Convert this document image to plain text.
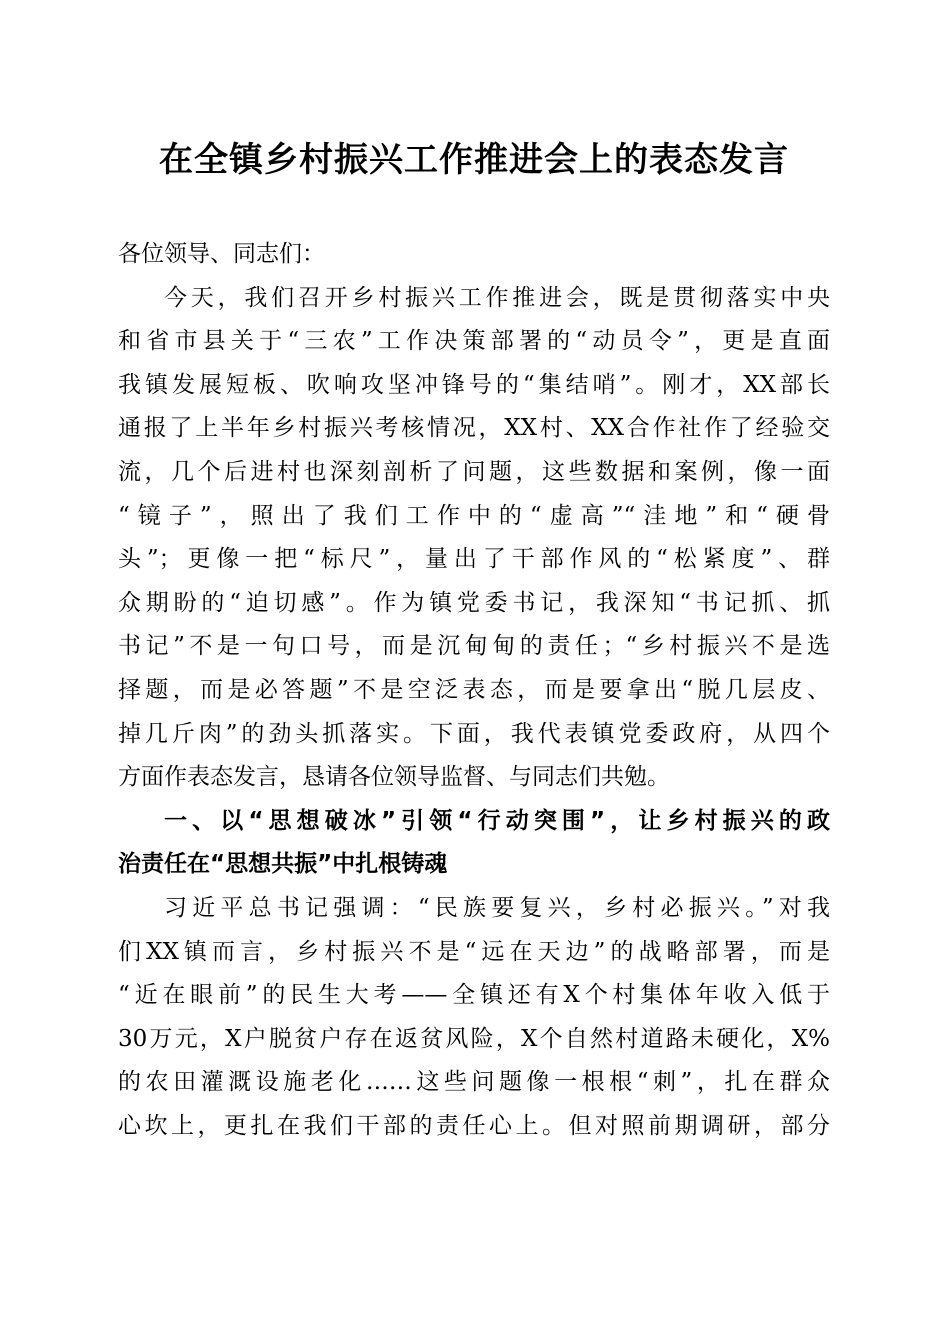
在全镇乡村振兴工作推进会上的表态发言
各位领导、同志们：
今天，我们召开乡村振兴工作推进会，既是贯彻落实中央
和省市县关于“三农”工作决策部署的“动员令”，更是直面
我镇发展短板、吹响攻坚冲锋号的“集结哨”。刚才，XX部长
通报了上半年乡村振兴考核情况，XX村、XX合作社作了经验交
流，几个后进村也深刻剖析了问题，这些数据和案例，像一面
“镜子”，照出了我们工作中的“虚高”“洼地”和“硬骨
头”；更像一把“标尺”，量出了干部作风的“松紧度”、群
众期盼的“迫切感”。作为镇党委书记，我深知“书记抓、抓
书记”不是一句口号，而是沉甸甸的责任；“乡村振兴不是选
择题，而是必答题”不是空泛表态，而是要拿出“脱几层皮、
掉几斤肉”的劲头抓落实。下面，我代表镇党委政府，从四个
方面作表态发言，恳请各位领导监督、与同志们共勉。
一、以“思想破冰”引领“行动突围”，让乡村振兴的政
治责任在“思想共振”中扎根铸魂
习近平总书记强调：“民族要复兴，乡村必振兴。”对我
们XX镇而言，乡村振兴不是“远在天边”的战略部署，而是
“近在眼前”的民生大考——全镇还有X个村集体年收入低于
30万元，X户脱贫户存在返贫风险，X个自然村道路未硬化，X%
的农田灌溉设施老化……这些问题像一根根“刺”，扎在群众
心坎上，更扎在我们干部的责任心上。但对照前期调研，部分
